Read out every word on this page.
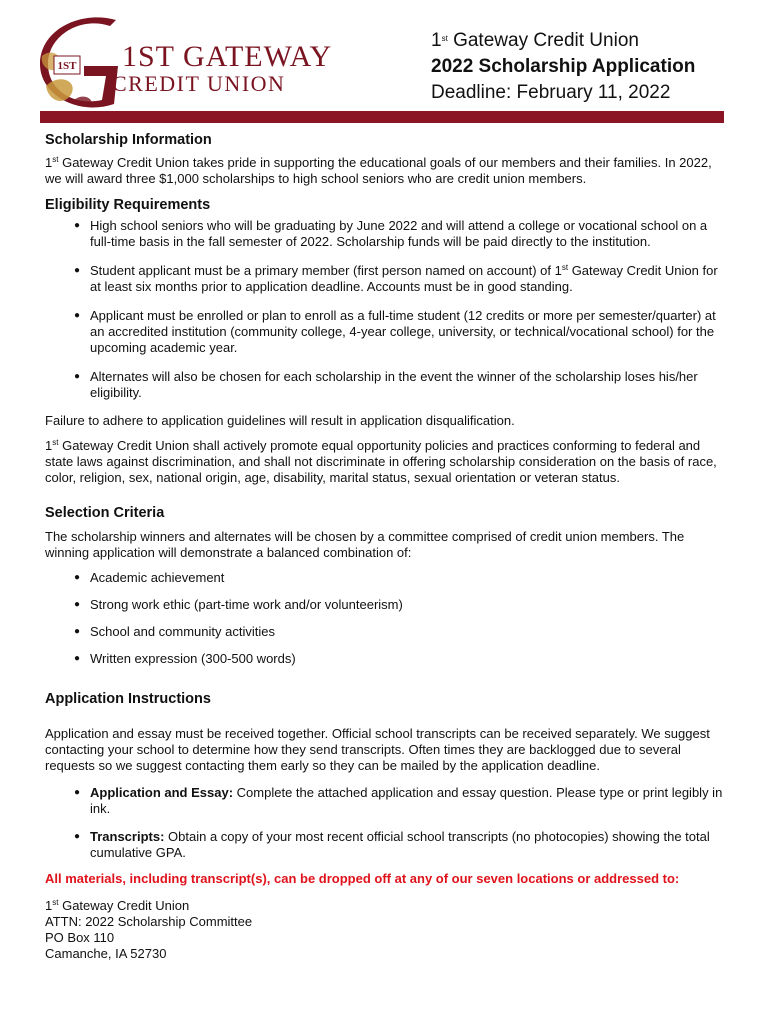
1ST 1ST GATEWAY
CREDIT UNION
1st Gateway Credit Union
2022 Scholarship Application
Deadline: February 11, 2022
Scholarship Information

1st Gateway Credit Union takes pride in supporting the educational goals of our members and their families. In 2022, we will award three $1,000 scholarships to high school seniors who are credit union members.

Eligibility Requirements
● High school seniors who will be graduating by June 2022 and will attend a college or vocational school on a full-time basis in the fall semester of 2022. Scholarship funds will be paid directly to the institution.
● Student applicant must be a primary member (first person named on account) of 1st Gateway Credit Union for at least six months prior to application deadline. Accounts must be in good standing.
● Applicant must be enrolled or plan to enroll as a full-time student (12 credits or more per semester/quarter) at an accredited institution (community college, 4-year college, university, or technical/vocational school) for the upcoming academic year.
● Alternates will also be chosen for each scholarship in the event the winner of the scholarship loses his/her eligibility.

Failure to adhere to application guidelines will result in application disqualification.

1st Gateway Credit Union shall actively promote equal opportunity policies and practices conforming to federal and state laws against discrimination, and shall not discriminate in offering scholarship consideration on the basis of race, color, religion, sex, national origin, age, disability, marital status, sexual orientation or veteran status.

Selection Criteria

The scholarship winners and alternates will be chosen by a committee comprised of credit union members. The winning application will demonstrate a balanced combination of:

● Academic achievement
● Strong work ethic (part-time work and/or volunteerism)
● School and community activities
● Written expression (300-500 words)
Application Instructions

Application and essay must be received together. Official school transcripts can be received separately. We suggest contacting your school to determine how they send transcripts. Often times they are backlogged due to several requests so we suggest contacting them early so they can be mailed by the application deadline.

● Application and Essay: Complete the attached application and essay question. Please type or print legibly in ink.
● Transcripts: Obtain a copy of your most recent official school transcripts (no photocopies) showing the total cumulative GPA.

All materials, including transcript(s), can be dropped off at any of our seven locations or addressed to:

1st Gateway Credit Union
ATTN: 2022 Scholarship Committee
PO Box 110
Camanche, IA 52730
